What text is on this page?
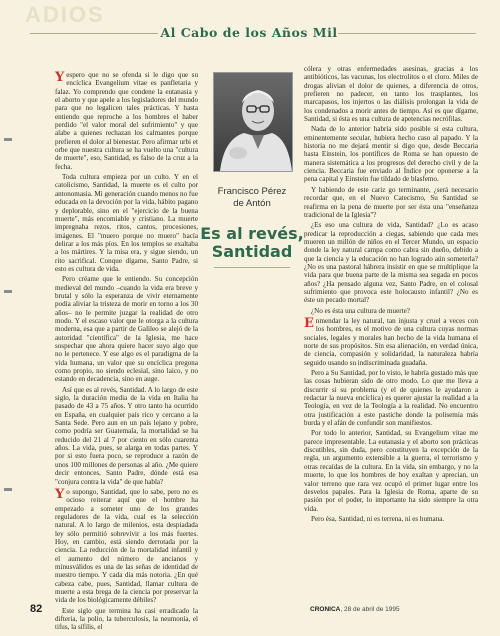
ADIOS
Al Cabo de los Años Mil

Y espero que no se ofenda si le digo que su encíclica Evangelium vitae es panfletaria y falaz. Yo comprendo que condene la eutanasia y el aborto y que apele a los legisladores del mundo para que no legalicen tales prácticas. Y hasta entiendo que reproche a los hombres el haber perdido "el valor moral del sufrimiento" y que alabe a quienes rechazan los calmantes porque prefieren el dolor al bienestar. Pero afirmar urbi et orbe que nuestra cultura se ha vuelto una "cultura de muerte", eso, Santidad, es falso de la cruz a la fecha.

Toda cultura empieza por un culto. Y en el catolicismo, Santidad, la muerte es el culto por antonomasia. Mi generación cuando menos no fue educada en la devoción por la vida, hábito pagano y deplorable, sino en el "ejercicio de la buena muerte", más encomiable y cristiano. La muerte impregnaba rezos, ritos, cantos, procesiones, imágenes. El "muero porque no muero" hacía delirar a los más píos. En los templos se exaltaba a los mártires. Y la misa era, y sigue siendo, un rito sacrifical. Conque dígame, Santo Padre, si esto es cultura de vida.

Pero créame que le entiendo. Su concepción medieval del mundo –cuando la vida era breve y brutal y sólo la esperanza de vivir eternamente podía aliviar la tristeza de morir en torno a los 30 años– no le permite juzgar la realidad de otro modo. Y el escaso valor que le otorga a la cultura moderna, esa que a partir de Galileo se alejó de la autoridad "científica" de la Iglesia, me hace sospechar que ahora quiere hacer suyo algo que no le pertenece. Y ese algo es el paradigma de la vida humana, un valor que su encíclica pregona como propio, no siendo eclesial, sino laico, y no estando en decadencia, sino en auge.

Así que es al revés, Santidad. A lo largo de este siglo, la duración media de la vida en Italia ha pasado de 43 a 75 años. Y otro tanto ha ocurrido en España, en cualquier país rico y cercano a la Santa Sede. Pero aun en un país lejano y pobre, como podría ser Guatemala, la mortalidad se ha reducido del 21 al 7 por ciento en sólo cuarenta años. La vida, pues, se alarga en todas partes. Y por si esto fuera poco, se reproduce a razón de unos 100 millones de personas al año. ¿Me quiere decir entonces, Santo Padre, dónde está esa "conjura contra la vida" de que habla?

Yo supongo, Santidad, que lo sabe, pero no es ocioso reiterar aquí que el hombre ha empezado a someter uno de los grandes reguladores de la vida, cual es la selección natural. A lo largo de milenios, esta despiadada ley sólo permitió sobrevivir a los más fuertes. Hoy, en cambio, está siendo derrotada por la ciencia. La reducción de la mortalidad infantil y el aumento del número de ancianos y minusválidos es una de las señas de identidad de nuestro tiempo. Y cada día más notoria. ¿En qué cabeza cabe, pues, Santidad, llamar cultura de muerte a esta brega de la ciencia por preservar la vida de los biológicamente débiles?

Este siglo que termina ha casi erradicado la difteria, la polio, la tuberculosis, la neumonía, el tifus, la sífilis, el

Francisco Pérez
de Antón
Es al revés,
Santidad

cólera y otras enfermedades asesinas, gracias a los antibióticos, las vacunas, los electrolitos o el cloro. Miles de drogas alivian el dolor de quienes, a diferencia de otros, prefieren no padecer, en tanto los trasplantes, los marcapasos, los injertos o las diálisis prolongan la vida de los condenados a morir antes de tiempo. Así es que dígame, Santidad, si ésta es una cultura de apetencias necrófilas.

Nada de lo anterior habría sido posible si esta cultura, eminentemente secular, hubiera hecho caso al papado. Y la historia no me dejará mentir si digo que, desde Beccaria hasta Einstein, los pontífices de Roma se han opuesto de manera sistemática a los progresos del derecho civil y de la ciencia. Beccaria fue enviado al Índice por oponerse a la pena capital y Einstein fue tildado de blasfemo.

Y habiendo de este cariz go terminante, ¿será necesario recordar que, en el Nuevo Catecismo, Su Santidad se reafirma en la pena de muerte por ser ésta una "enseñanza tradicional de la Iglesia"?

¿Es eso una cultura de vida, Santidad? ¿Lo es acaso predicar la reproducción a ciegas, sabiendo que cada mes mueren un millón de niños en el Tercer Mundo, un espacio donde la ley natural campa como cabra sin dueño, debido a que la ciencia y la educación no han logrado aún someterla? ¿No es una pastoral hábrera insistir en que se multiplique la vida para que buena parte de la misma sea segada en pocos años? ¿Ha pensado alguna vez, Santo Padre, en el colosal sufrimiento que provoca este holocausto infantil? ¿No es éste un pecado mortal?

¿No es ésta una cultura de muerte?

Enmendar la ley natural, tan injusta y cruel a veces con los hombres, es el motivo de una cultura cuyas normas sociales, legales y morales han hecho de la vida humana el norte de sus propósitos. Sin esa alienación, en verdad única, de ciencia, compasión y solidaridad, la naturaleza habría seguido usando su indiscriminada guadaña.

Pero a Su Santidad, por lo visto, le habría gustado más que las cosas hubieran sido de otro modo. Lo que me lleva a discurrir si su problema (y el de quienes le ayudaron a redactar la nueva encíclica) es querer ajustar la realidad a la Teología, en vez de la Teología a la realidad. No encuentro otra justificación a este pastiche donde la polisemia más burda y el afán de confundir son manifiestos.

Por todo lo anterior, Santidad, su Evangelium vitae me parece impresentable. La eutanasia y el aborto son prácticas discutibles, sin duda, pero constituyen la excepción de la regla, un argumento extensible a la guerra, el terrorismo y otras recaídas de la cultura. En la vida, sin embargo, y no la muerte, lo que los hombres de hoy exaltan y aprecian, un valor terreno que rara vez ocupó el primer lugar entre los desvelos papales. Para la Iglesia de Roma, aparte de su pasión por el poder, lo importante ha sido siempre la otra vida.

Pero ésa, Santidad, ni es terrena, ni es humana.

82	CRONICA, 28 de abril de 1995
